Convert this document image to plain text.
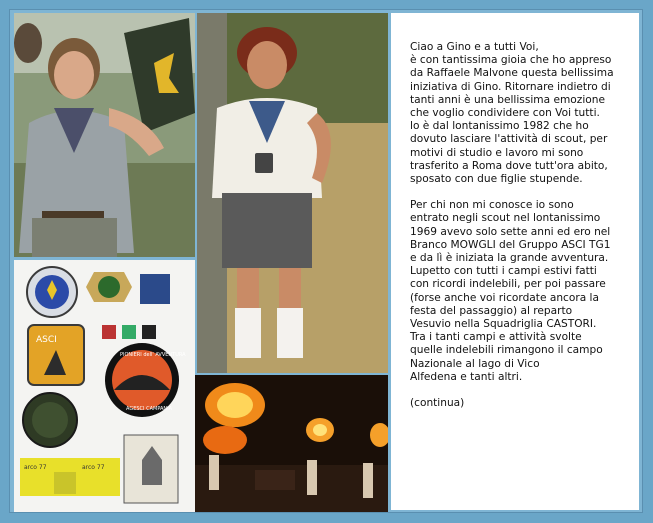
ASCI
PIONIERI dell' AVVENTURA
AGESCI CAMPANIA
arco 77	arco 77

Ciao a Gino e a tutti Voi,
è con tantissima gioia che ho appreso
da Raffaele Malvone questa bellissima
iniziativa di Gino. Ritornare indietro di
tanti anni è una bellissima emozione
che voglio condividere con Voi tutti.
lo è dal lontanissimo 1982 che ho
dovuto lasciare l'attività di scout, per
motivi di studio e lavoro mi sono
trasferito a Roma dove tutt'ora abito,
sposato con due figlie stupende.

Per chi non mi conosce io sono
entrato negli scout nel lontanissimo
1969 avevo solo sette anni ed ero nel
Branco MOWGLI del Gruppo ASCI TG1
e da lì è iniziata la grande avventura.
Lupetto con tutti i campi estivi fatti
con ricordi indelebili, per poi passare
(forse anche voi ricordate ancora la
festa del passaggio) al reparto
Vesuvio nella Squadriglia CASTORI.
Tra i tanti campi e attività svolte
quelle indelebili rimangono il campo
Nazionale al lago di Vico
Alfedena e tanti altri.

(continua)
